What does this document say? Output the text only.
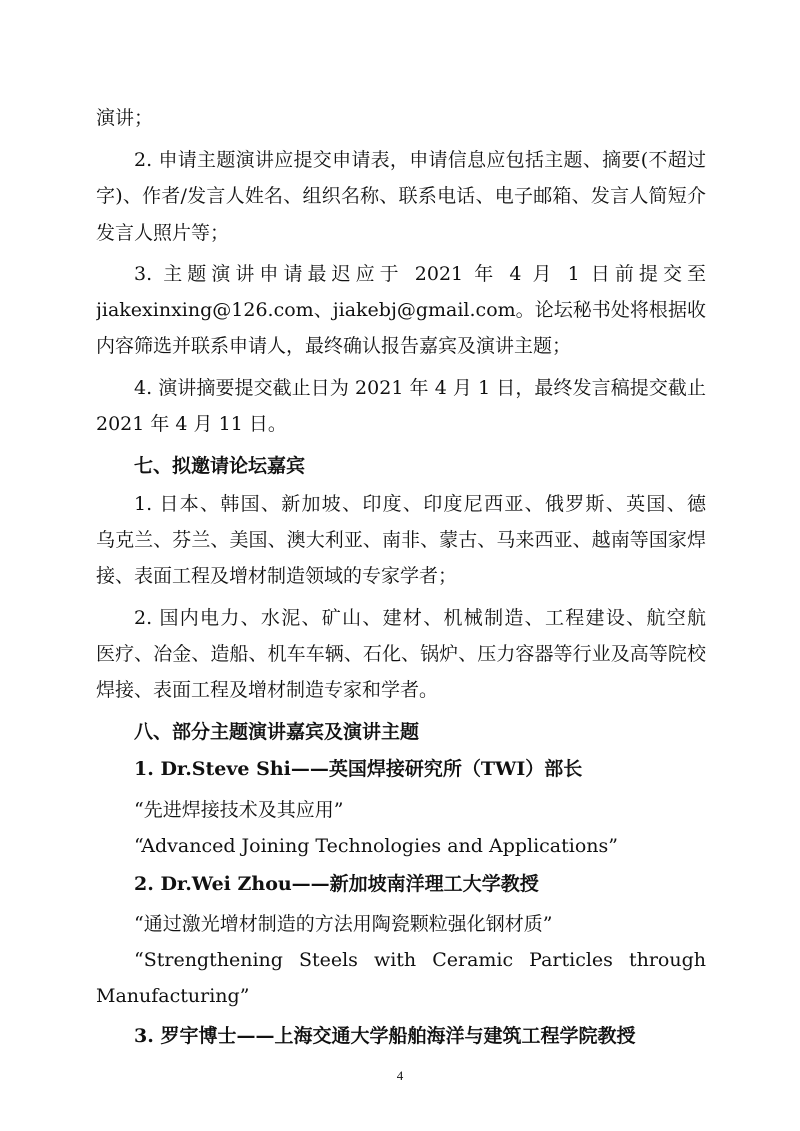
演讲；
2. 申请主题演讲应提交申请表，申请信息应包括主题、摘要(不超过
字)、作者/发言人姓名、组织名称、联系电话、电子邮箱、发言人简短介
发言人照片等；
3. 主题演讲申请最迟应于 2021 年 4 月 1 日前提交至
jiakexinxing@126.com、jiakebj@gmail.com。论坛秘书处将根据收
内容筛选并联系申请人，最终确认报告嘉宾及演讲主题；
4. 演讲摘要提交截止日为 2021 年 4 月 1 日，最终发言稿提交截止
2021 年 4 月 11 日。
七、拟邀请论坛嘉宾
1. 日本、韩国、新加坡、印度、印度尼西亚、俄罗斯、英国、德
乌克兰、芬兰、美国、澳大利亚、南非、蒙古、马来西亚、越南等国家焊
接、表面工程及增材制造领域的专家学者；
2. 国内电力、水泥、矿山、建材、机械制造、工程建设、航空航
医疗、冶金、造船、机车车辆、石化、锅炉、压力容器等行业及高等院校
焊接、表面工程及增材制造专家和学者。
八、部分主题演讲嘉宾及演讲主题
1. Dr.Steve Shi——英国焊接研究所（TWI）部长
“先进焊接技术及其应用”
“Advanced Joining Technologies and Applications”
2. Dr.Wei Zhou——新加坡南洋理工大学教授
“通过激光增材制造的方法用陶瓷颗粒强化钢材质”
“Strengthening Steels with Ceramic Particles through
Manufacturing”
3. 罗宇博士——上海交通大学船舶海洋与建筑工程学院教授
4
